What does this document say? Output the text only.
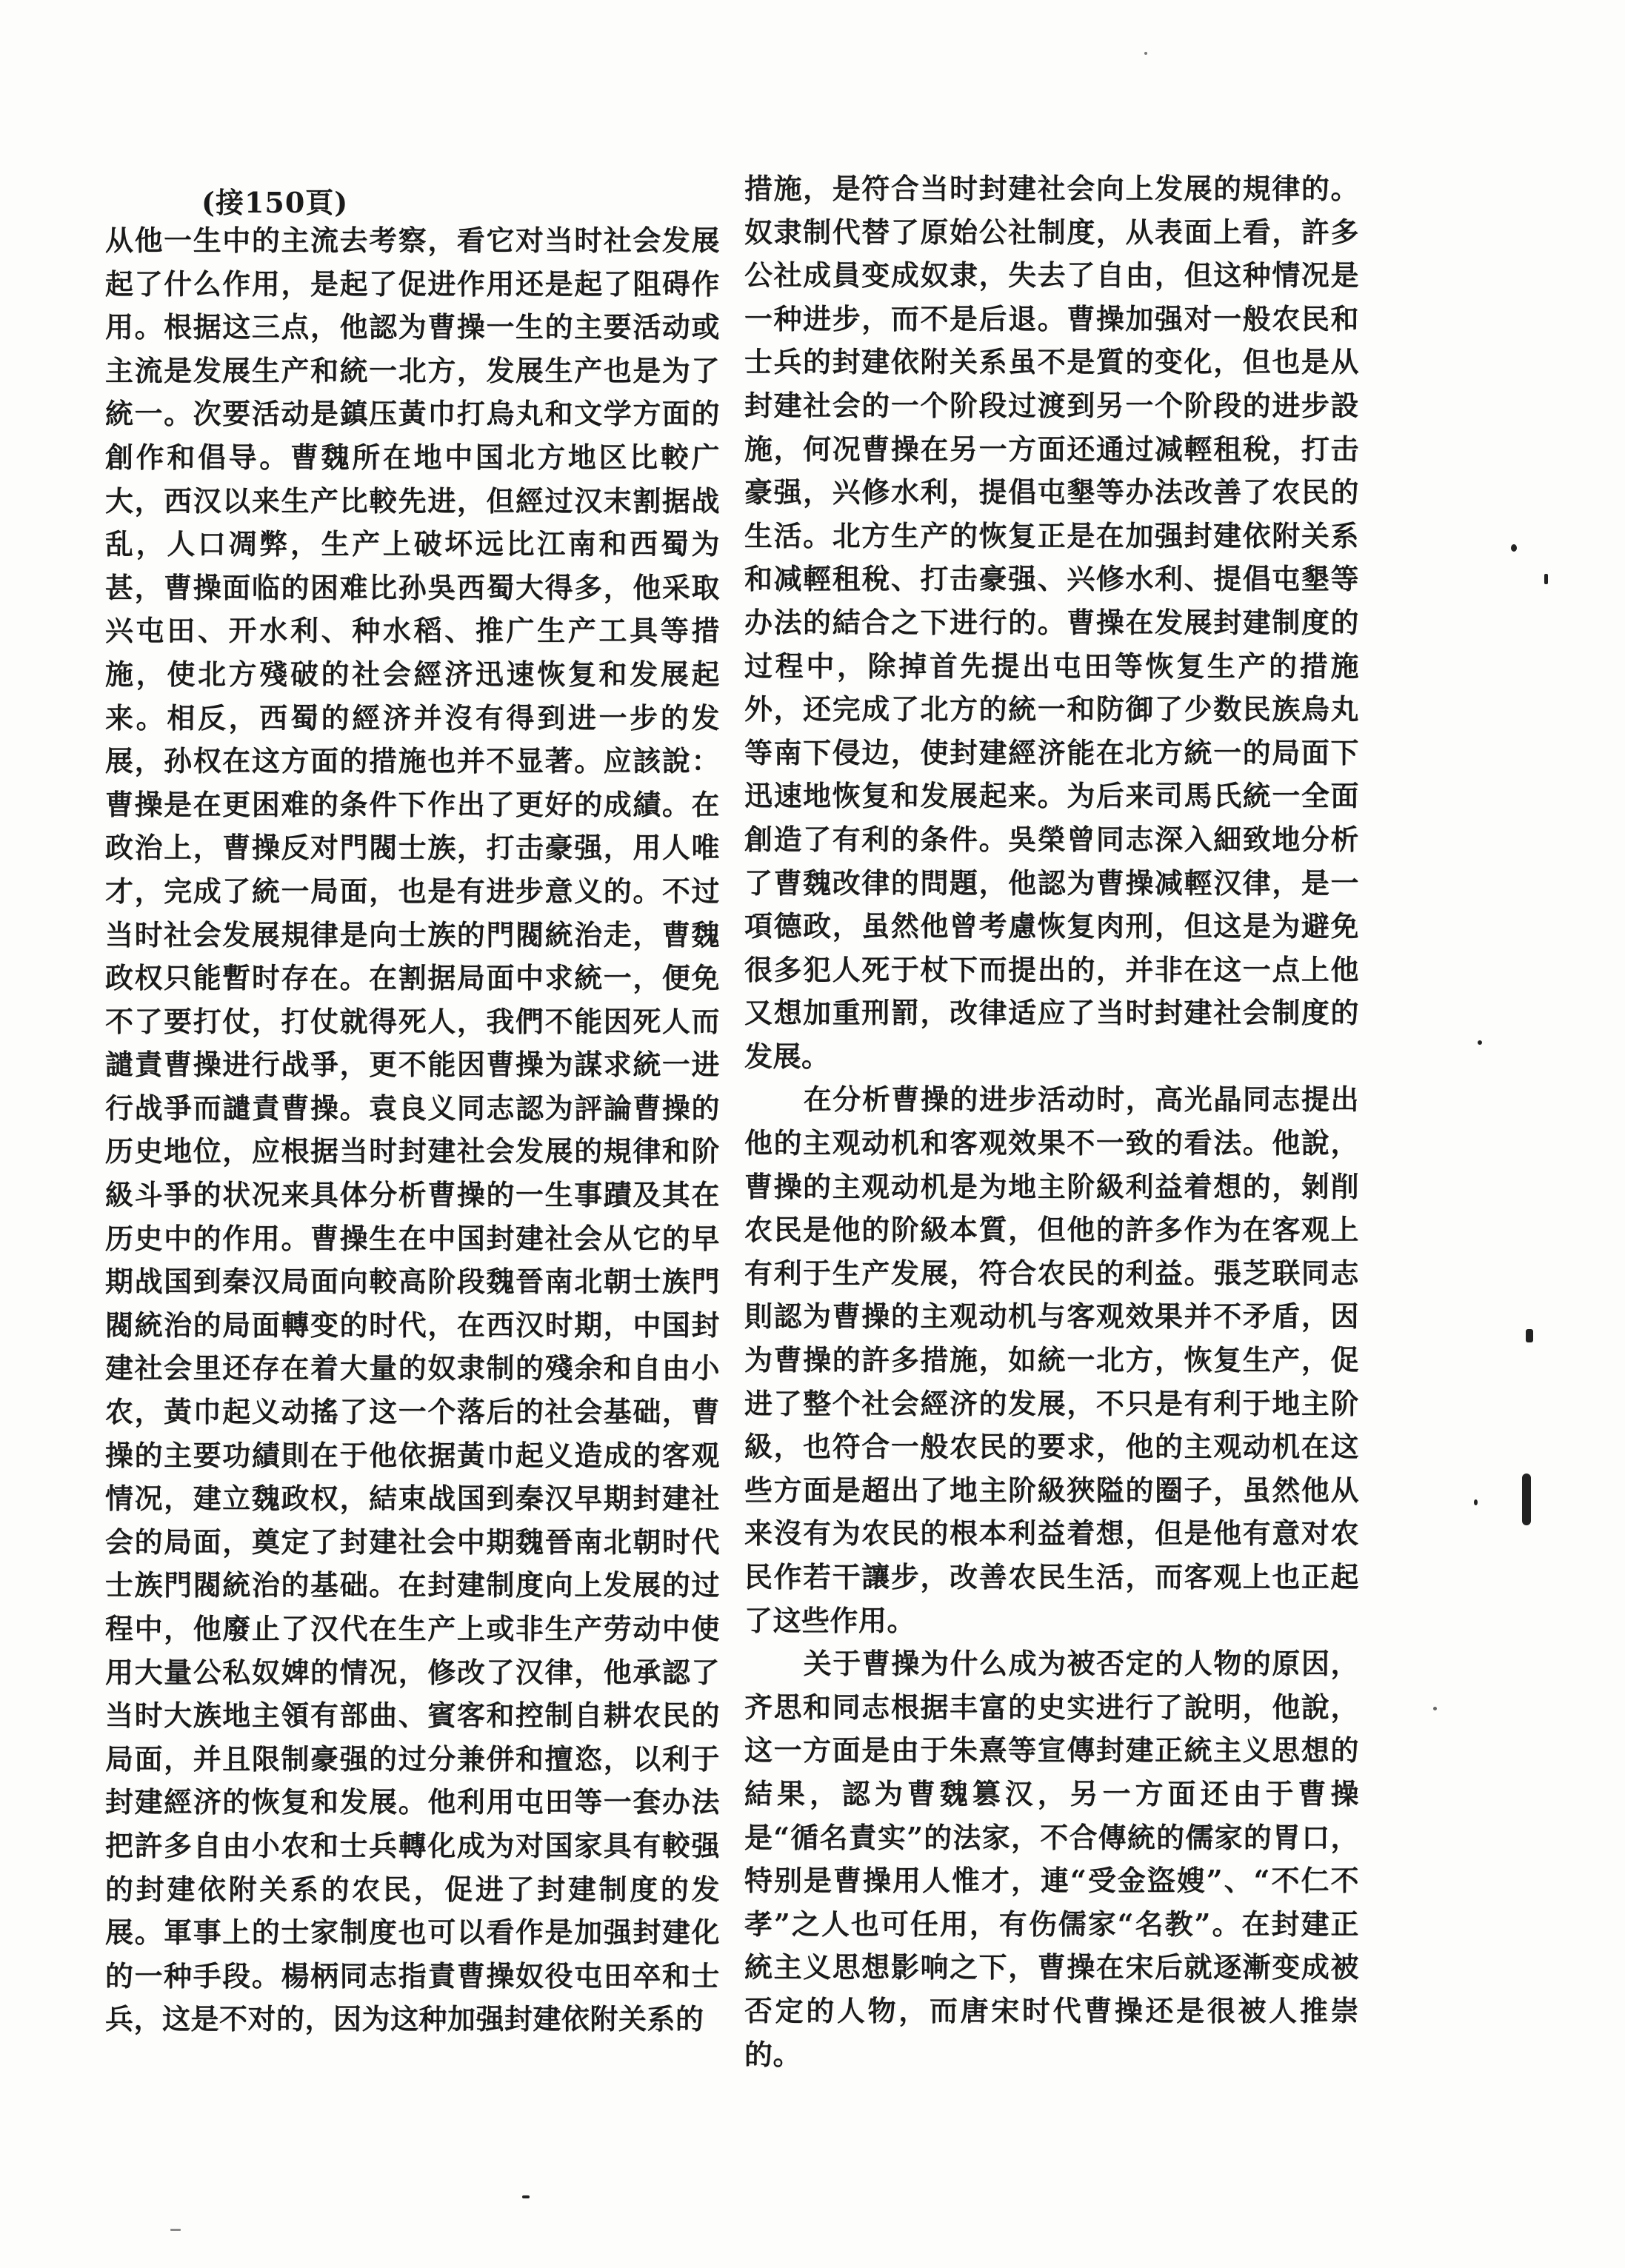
(接150頁)

从他一生中的主流去考察，看它对当时社会发展起了什么作用，是起了促进作用还是起了阻碍作用。根据这三点，他認为曹操一生的主要活动或主流是发展生产和統一北方，发展生产也是为了統一。次要活动是鎮压黃巾打烏丸和文学方面的創作和倡导。曹魏所在地中国北方地区比較广大，西汉以来生产比較先进，但經过汉末割据战乱，人口凋弊，生产上破坏远比江南和西蜀为甚，曹操面临的困难比孙吳西蜀大得多，他采取兴屯田、开水利、种水稻、推广生产工具等措施，使北方殘破的社会經济迅速恢复和发展起来。相反，西蜀的經济并沒有得到进一步的发展，孙权在这方面的措施也并不显著。应該說：曹操是在更困难的条件下作出了更好的成績。在政治上，曹操反对門閥士族，打击豪强，用人唯才，完成了統一局面，也是有进步意义的。不过当时社会发展規律是向士族的門閥統治走，曹魏政权只能暫时存在。在割据局面中求統一，便免不了要打仗，打仗就得死人，我們不能因死人而譴責曹操进行战爭，更不能因曹操为謀求統一进行战爭而譴責曹操。袁良义同志認为評論曹操的历史地位，应根据当时封建社会发展的規律和阶級斗爭的状况来具体分析曹操的一生事蹟及其在历史中的作用。曹操生在中国封建社会从它的早期战国到秦汉局面向較高阶段魏晉南北朝士族門閥統治的局面轉变的时代，在西汉时期，中国封建社会里还存在着大量的奴隶制的殘余和自由小农，黃巾起义动搖了这一个落后的社会基础，曹操的主要功績則在于他依据黃巾起义造成的客观情况，建立魏政权，結束战国到秦汉早期封建社会的局面，奠定了封建社会中期魏晉南北朝时代士族門閥統治的基础。在封建制度向上发展的过程中，他廢止了汉代在生产上或非生产劳动中使用大量公私奴婢的情况，修改了汉律，他承認了当时大族地主領有部曲、賓客和控制自耕农民的局面，并且限制豪强的过分兼併和擅恣，以利于封建經济的恢复和发展。他利用屯田等一套办法把許多自由小农和士兵轉化成为对国家具有較强的封建依附关系的农民，促进了封建制度的发展。軍事上的士家制度也可以看作是加强封建化的一种手段。楊柄同志指責曹操奴役屯田卒和士兵，这是不对的，因为这种加强封建依附关系的

措施，是符合当时封建社会向上发展的規律的。奴隶制代替了原始公社制度，从表面上看，許多公社成員变成奴隶，失去了自由，但这种情况是一种进步，而不是后退。曹操加强对一般农民和士兵的封建依附关系虽不是質的变化，但也是从封建社会的一个阶段过渡到另一个阶段的进步設施，何况曹操在另一方面还通过减輕租稅，打击豪强，兴修水利，提倡屯墾等办法改善了农民的生活。北方生产的恢复正是在加强封建依附关系和减輕租稅、打击豪强、兴修水利、提倡屯墾等办法的結合之下进行的。曹操在发展封建制度的过程中，除掉首先提出屯田等恢复生产的措施外，还完成了北方的統一和防御了少数民族烏丸等南下侵边，使封建經济能在北方統一的局面下迅速地恢复和发展起来。为后来司馬氏統一全面創造了有利的条件。吳榮曾同志深入細致地分析了曹魏改律的問題，他認为曹操减輕汉律，是一項德政，虽然他曾考慮恢复肉刑，但这是为避免很多犯人死于杖下而提出的，并非在这一点上他又想加重刑罰，改律适应了当时封建社会制度的发展。

在分析曹操的进步活动时，高光晶同志提出他的主观动机和客观效果不一致的看法。他說，曹操的主观动机是为地主阶級利益着想的，剝削农民是他的阶級本質，但他的許多作为在客观上有利于生产发展，符合农民的利益。張芝联同志則認为曹操的主观动机与客观效果并不矛盾，因为曹操的許多措施，如統一北方，恢复生产，促进了整个社会經济的发展，不只是有利于地主阶級，也符合一般农民的要求，他的主观动机在这些方面是超出了地主阶級狹隘的圈子，虽然他从来沒有为农民的根本利益着想，但是他有意对农民作若干讓步，改善农民生活，而客观上也正起了这些作用。

关于曹操为什么成为被否定的人物的原因，齐思和同志根据丰富的史实进行了說明，他說，这一方面是由于朱熹等宣傳封建正統主义思想的結果，認为曹魏篡汉，另一方面还由于曹操是“循名責实”的法家，不合傳統的儒家的胃口，特别是曹操用人惟才，連“受金盜嫂”、“不仁不孝”之人也可任用，有伤儒家“名教”。在封建正統主义思想影响之下，曹操在宋后就逐漸变成被否定的人物，而唐宋时代曹操还是很被人推崇的。
